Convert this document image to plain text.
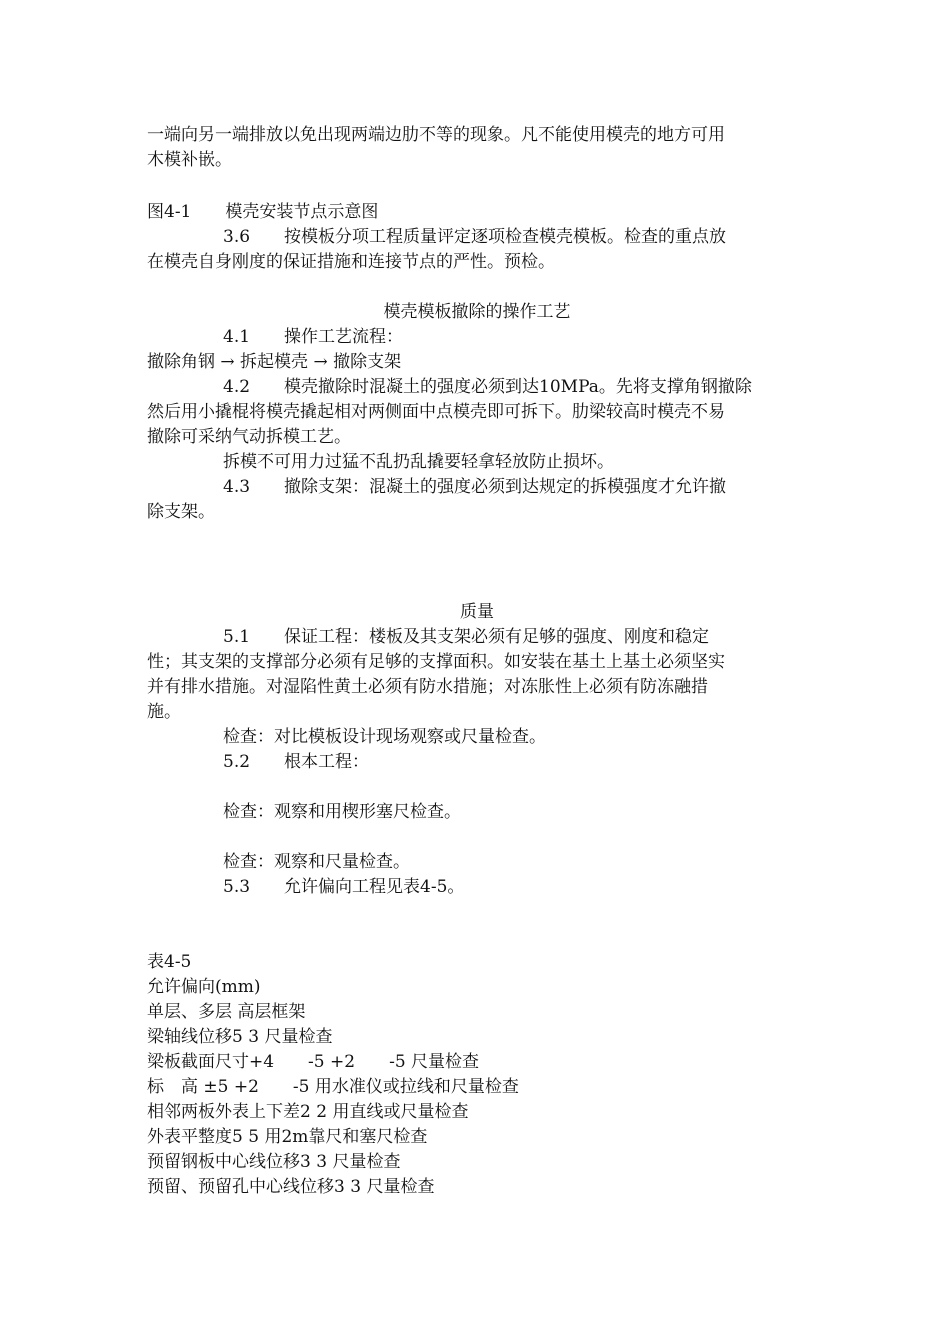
一端向另一端排放以免出现两端边肋不等的现象。凡不能使用模壳的地方可用
木模补嵌。
图4-1　　模壳安装节点示意图
3.6　　按模板分项工程质量评定逐项检查模壳模板。检查的重点放
在模壳自身刚度的保证措施和连接节点的严性。预检。
模壳模板撤除的操作工艺
4.1　　操作工艺流程：
撤除角钢 → 拆起模壳 → 撤除支架
4.2　　模壳撤除时混凝土的强度必须到达10MPa。先将支撑角钢撤除
然后用小撬棍将模壳撬起相对两侧面中点模壳即可拆下。肋梁较高时模壳不易
撤除可采纳气动拆模工艺。
拆模不可用力过猛不乱扔乱撬要轻拿轻放防止损坏。
4.3　　撤除支架：混凝土的强度必须到达规定的拆模强度才允许撤
除支架。
质量
5.1　　保证工程：楼板及其支架必须有足够的强度、刚度和稳定
性；其支架的支撑部分必须有足够的支撑面积。如安装在基土上基土必须坚实
并有排水措施。对湿陷性黄土必须有防水措施；对冻胀性上必须有防冻融措
施。
检查：对比模板设计现场观察或尺量检查。
5.2　　根本工程：
检查：观察和用楔形塞尺检查。
检查：观察和尺量检查。
5.3　　允许偏向工程见表4-5。
表4-5
允许偏向(mm)
单层、多层 高层框架
梁轴线位移5 3 尺量检查
梁板截面尺寸+4　　-5 +2　　-5 尺量检查
标　高 ±5 +2　　-5 用水准仪或拉线和尺量检查
相邻两板外表上下差2 2 用直线或尺量检查
外表平整度5 5 用2m靠尺和塞尺检查
预留钢板中心线位移3 3 尺量检查
预留、预留孔中心线位移3 3 尺量检查
